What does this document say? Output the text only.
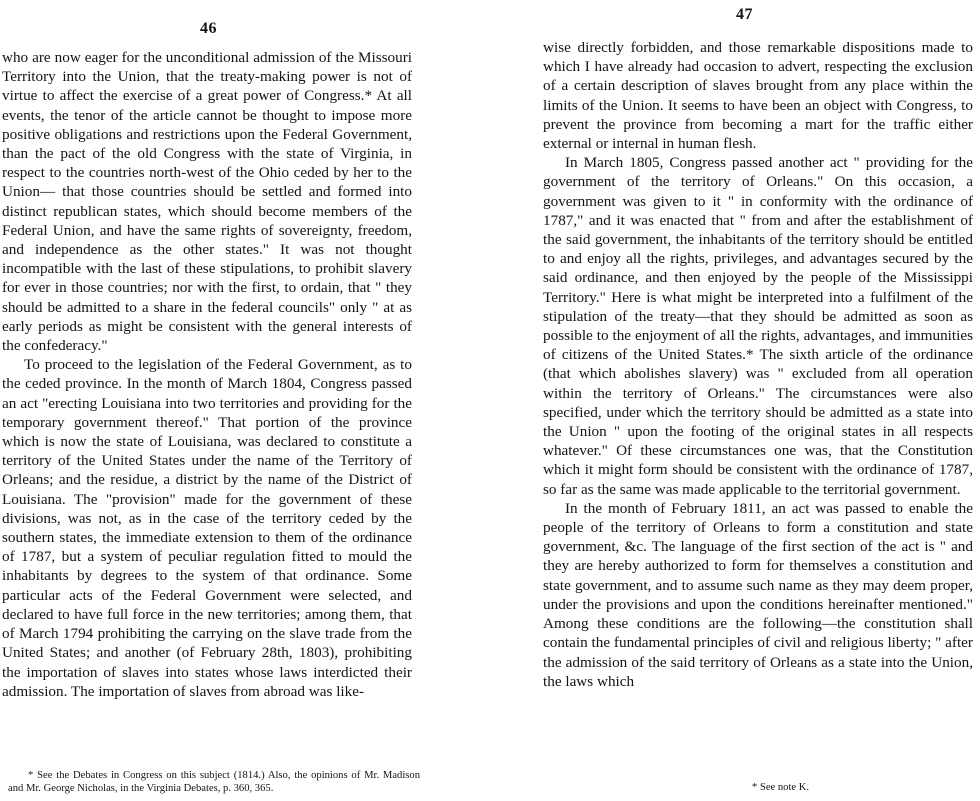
46

who are now eager for the unconditional admission of the Missouri Territory into the Union, that the treaty-making power is not of virtue to affect the exercise of a great power of Congress.* At all events, the tenor of the article cannot be thought to impose more positive obligations and restrictions upon the Federal Government, than the pact of the old Congress with the state of Virginia, in respect to the countries north-west of the Ohio ceded by her to the Union— that those countries should be settled and formed into distinct republican states, which should become members of the Federal Union, and have the same rights of sovereignty, freedom, and independence as the other states." It was not thought incompatible with the last of these stipulations, to prohibit slavery for ever in those countries; nor with the first, to ordain, that " they should be admitted to a share in the federal councils" only " at as early periods as might be consistent with the general interests of the confederacy."

To proceed to the legislation of the Federal Government, as to the ceded province. In the month of March 1804, Congress passed an act "erecting Louisiana into two territories and providing for the temporary government thereof." That portion of the province which is now the state of Louisiana, was declared to constitute a territory of the United States under the name of the Territory of Orleans; and the residue, a district by the name of the District of Louisiana. The "provision" made for the government of these divisions, was not, as in the case of the territory ceded by the southern states, the immediate extension to them of the ordinance of 1787, but a system of peculiar regulation fitted to mould the inhabitants by degrees to the system of that ordinance. Some particular acts of the Federal Government were selected, and declared to have full force in the new territories; among them, that of March 1794 prohibiting the carrying on the slave trade from the United States; and another (of February 28th, 1803), prohibiting the importation of slaves into states whose laws interdicted their admission. The importation of slaves from abroad was like-

* See the Debates in Congress on this subject (1814.) Also, the opinions of Mr. Madison and Mr. George Nicholas, in the Virginia Debates, p. 360, 365.

47

wise directly forbidden, and those remarkable dispositions made to which I have already had occasion to advert, respecting the exclusion of a certain description of slaves brought from any place within the limits of the Union. It seems to have been an object with Congress, to prevent the province from becoming a mart for the traffic either external or internal in human flesh.

In March 1805, Congress passed another act " providing for the government of the territory of Orleans." On this occasion, a government was given to it " in conformity with the ordinance of 1787," and it was enacted that " from and after the establishment of the said government, the inhabitants of the territory should be entitled to and enjoy all the rights, privileges, and advantages secured by the said ordinance, and then enjoyed by the people of the Mississippi Territory." Here is what might be interpreted into a fulfilment of the stipulation of the treaty—that they should be admitted as soon as possible to the enjoyment of all the rights, advantages, and immunities of citizens of the United States.* The sixth article of the ordinance (that which abolishes slavery) was " excluded from all operation within the territory of Orleans." The circumstances were also specified, under which the territory should be admitted as a state into the Union " upon the footing of the original states in all respects whatever." Of these circumstances one was, that the Constitution which it might form should be consistent with the ordinance of 1787, so far as the same was made applicable to the territorial government.

In the month of February 1811, an act was passed to enable the people of the territory of Orleans to form a constitution and state government, &c. The language of the first section of the act is " and they are hereby authorized to form for themselves a constitution and state government, and to assume such name as they may deem proper, under the provisions and upon the conditions hereinafter mentioned." Among these conditions are the following—the constitution shall contain the fundamental principles of civil and religious liberty; " after the admission of the said territory of Orleans as a state into the Union, the laws which

* See note K.
